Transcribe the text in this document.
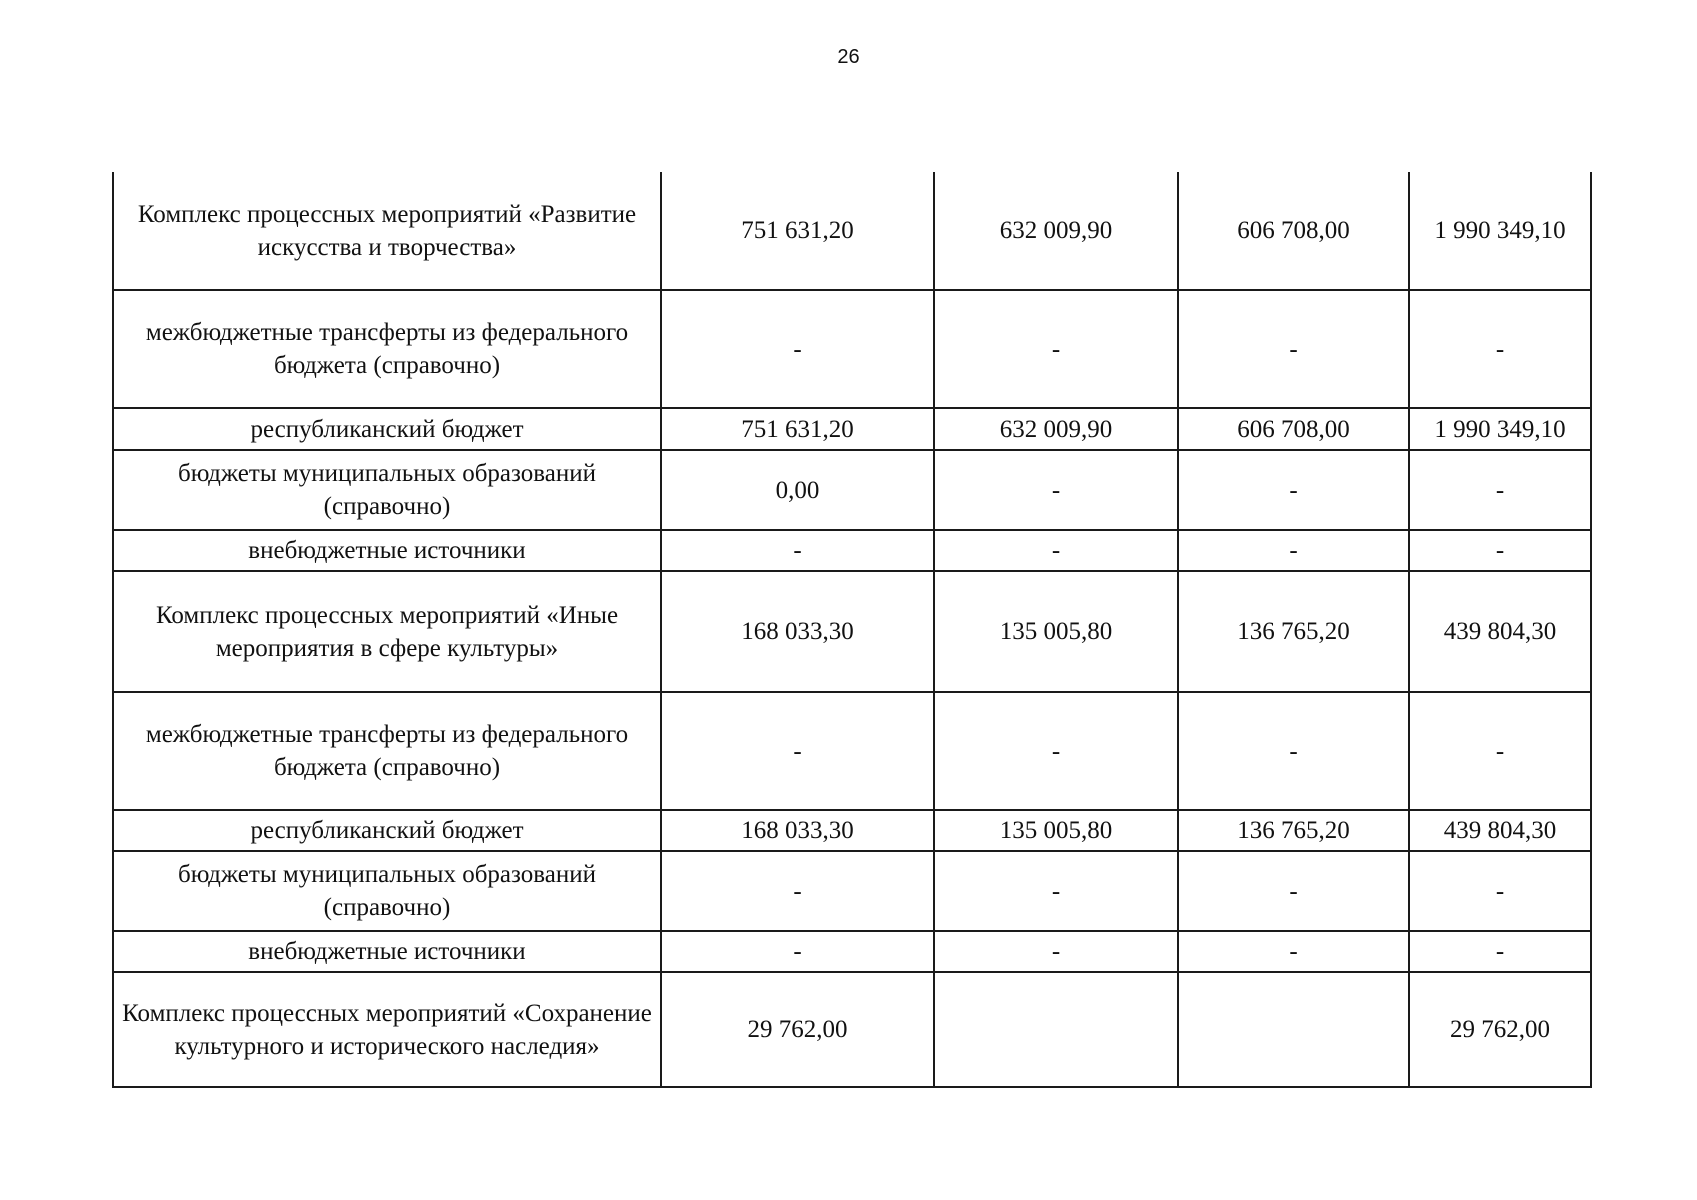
26
Комплекс процессных мероприятий «Развитие искусства и творчества»	751 631,20	632 009,90	606 708,00	1 990 349,10
межбюджетные трансферты из федерального бюджета (справочно)	-	-	-	-
республиканский бюджет	751 631,20	632 009,90	606 708,00	1 990 349,10
бюджеты муниципальных образований (справочно)	0,00	-	-	-
внебюджетные источники	-	-	-	-
Комплекс процессных мероприятий «Иные мероприятия в сфере культуры»	168 033,30	135 005,80	136 765,20	439 804,30
межбюджетные трансферты из федерального бюджета (справочно)	-	-	-	-
республиканский бюджет	168 033,30	135 005,80	136 765,20	439 804,30
бюджеты муниципальных образований (справочно)	-	-	-	-
внебюджетные источники	-	-	-	-
Комплекс процессных мероприятий «Сохранение культурного и исторического наследия»	29 762,00			29 762,00
